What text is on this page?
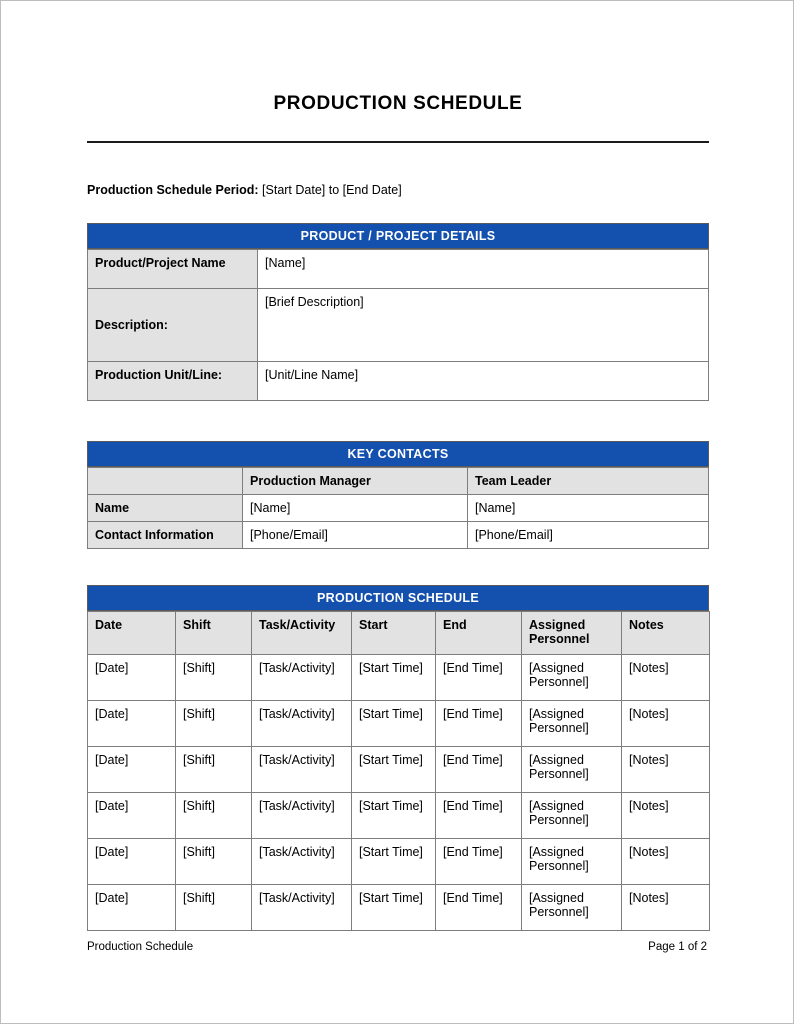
PRODUCTION SCHEDULE
Production Schedule Period: [Start Date] to [End Date]
PRODUCT / PROJECT DETAILS
Product/Project Name	[Name]
Description:	[Brief Description]
Production Unit/Line:	[Unit/Line Name]
KEY CONTACTS
	Production Manager	Team Leader
Name	[Name]	[Name]
Contact Information	[Phone/Email]	[Phone/Email]
PRODUCTION SCHEDULE
Date	Shift	Task/Activity	Start	End	Assigned Personnel	Notes
[Date]	[Shift]	[Task/Activity]	[Start Time]	[End Time]	[Assigned Personnel]	[Notes]
[Date]	[Shift]	[Task/Activity]	[Start Time]	[End Time]	[Assigned Personnel]	[Notes]
[Date]	[Shift]	[Task/Activity]	[Start Time]	[End Time]	[Assigned Personnel]	[Notes]
[Date]	[Shift]	[Task/Activity]	[Start Time]	[End Time]	[Assigned Personnel]	[Notes]
[Date]	[Shift]	[Task/Activity]	[Start Time]	[End Time]	[Assigned Personnel]	[Notes]
[Date]	[Shift]	[Task/Activity]	[Start Time]	[End Time]	[Assigned Personnel]	[Notes]
Production Schedule	Page 1 of 2
